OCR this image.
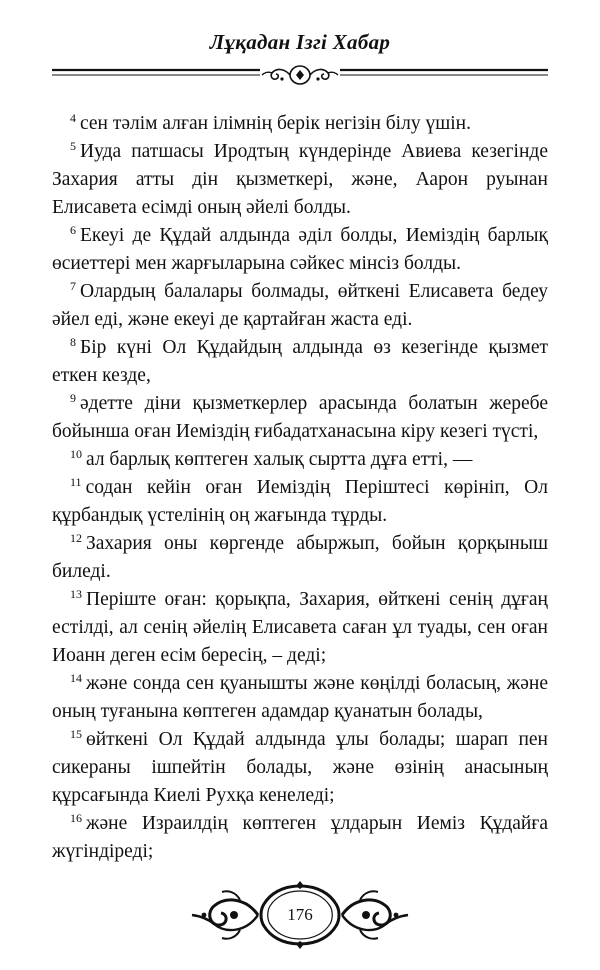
Лұқадан Ізгі Хабар

$^4$ сен тәлім алған ілімнің берік негізін білу үшін.

$^5$ Иуда патшасы Иродтың күндерінде Авиева кезегінде Захария атты дін қызметкері, және, Аарон руынан Елисавета есімді оның әйелі болды.

$^6$ Екеуі де Құдай алдында әділ болды, Иеміздің барлық өсиеттері мен жарғыларына сәйкес мінсіз болды.

$^7$ Олардың балалары болмады, өйткені Елисавета бедеу әйел еді, және екеуі де қартайған жаста еді.

$^8$ Бір күні Ол Құдайдың алдында өз кезегінде қызмет еткен кезде,

$^9$ әдетте діни қызметкерлер арасында болатын жеребе бойынша оған Иеміздің ғибадатханасына кіру кезегі түсті,

$^{10}$ ал барлық көптеген халық сыртта дұға етті, —

$^{11}$ содан кейін оған Иеміздің Періштесі көрініп, Ол құрбандық үстелінің оң жағында тұрды.

$^{12}$ Захария оны көргенде абыржып, бойын қорқыныш биледі.

$^{13}$ Періште оған: қорықпа, Захария, өйткені сенің дұғаң естілді, ал сенің әйелің Елисавета саған ұл туады, сен оған Иоанн деген есім бересің, – деді;

$^{14}$ және сонда сен қуанышты және көңілді боласың, және оның туғанына көптеген адамдар қуанатын болады,

$^{15}$ өйткені Ол Құдай алдында ұлы болады; шарап пен сикераны ішпейтін болады, және өзінің анасының құрсағында Киелі Рухқа кенеледі;

$^{16}$ және Израилдің көптеген ұлдарын Иеміз Құдайға жүгіндіреді;

176
